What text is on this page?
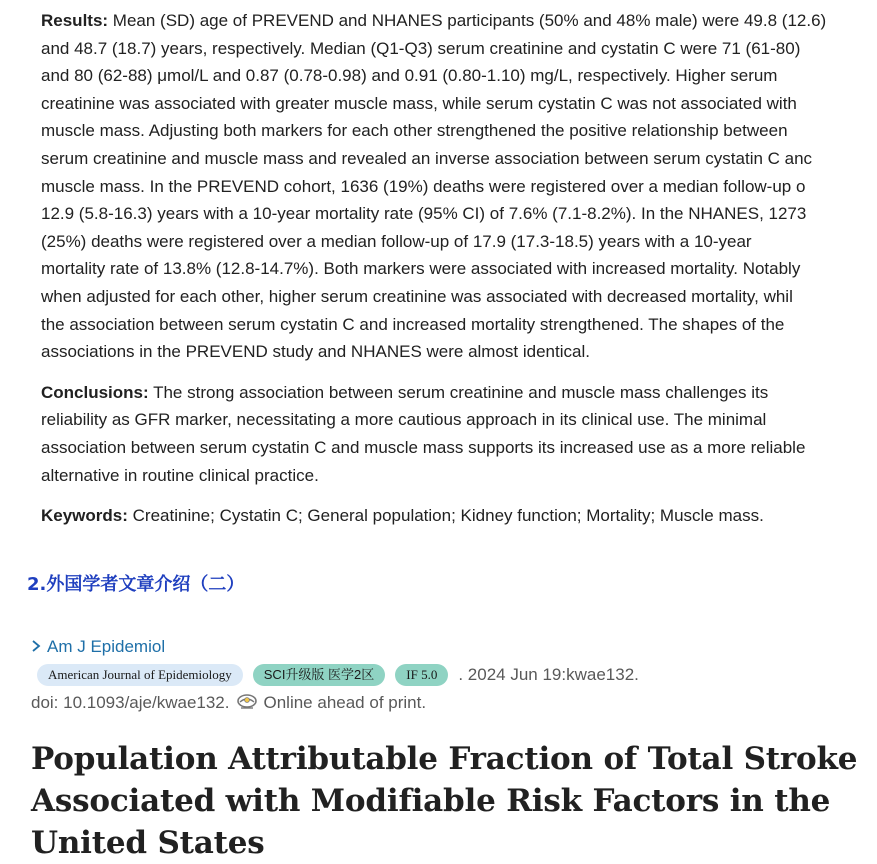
Results: Mean (SD) age of PREVEND and NHANES participants (50% and 48% male) were 49.8 (12.6)

and 48.7 (18.7) years, respectively. Median (Q1-Q3) serum creatinine and cystatin C were 71 (61-80)

and 80 (62-88) μmol/L and 0.87 (0.78-0.98) and 0.91 (0.80-1.10) mg/L, respectively. Higher serum

creatinine was associated with greater muscle mass, while serum cystatin C was not associated with

muscle mass. Adjusting both markers for each other strengthened the positive relationship between

serum creatinine and muscle mass and revealed an inverse association between serum cystatin C anc

muscle mass. In the PREVEND cohort, 1636 (19%) deaths were registered over a median follow-up o

12.9 (5.8-16.3) years with a 10-year mortality rate (95% CI) of 7.6% (7.1-8.2%). In the NHANES, 1273

(25%) deaths were registered over a median follow-up of 17.9 (17.3-18.5) years with a 10-year

mortality rate of 13.8% (12.8-14.7%). Both markers were associated with increased mortality. Notably

when adjusted for each other, higher serum creatinine was associated with decreased mortality, whil

the association between serum cystatin C and increased mortality strengthened. The shapes of the

associations in the PREVEND study and NHANES were almost identical.

Conclusions: The strong association between serum creatinine and muscle mass challenges its

reliability as GFR marker, necessitating a more cautious approach in its clinical use. The minimal

association between serum cystatin C and muscle mass supports its increased use as a more reliable

alternative in routine clinical practice.

Keywords: Creatinine; Cystatin C; General population; Kidney function; Mortality; Muscle mass.

2.外国学者文章介绍（二）
Am J Epidemiol
American Journal of Epidemiology	SCI升级版 医学2区	IF 5.0	. 2024 Jun 19:kwae132.
doi: 10.1093/aje/kwae132. Online ahead of print.
Population Attributable Fraction of Total Stroke Associated with Modifiable Risk Factors in the United States
